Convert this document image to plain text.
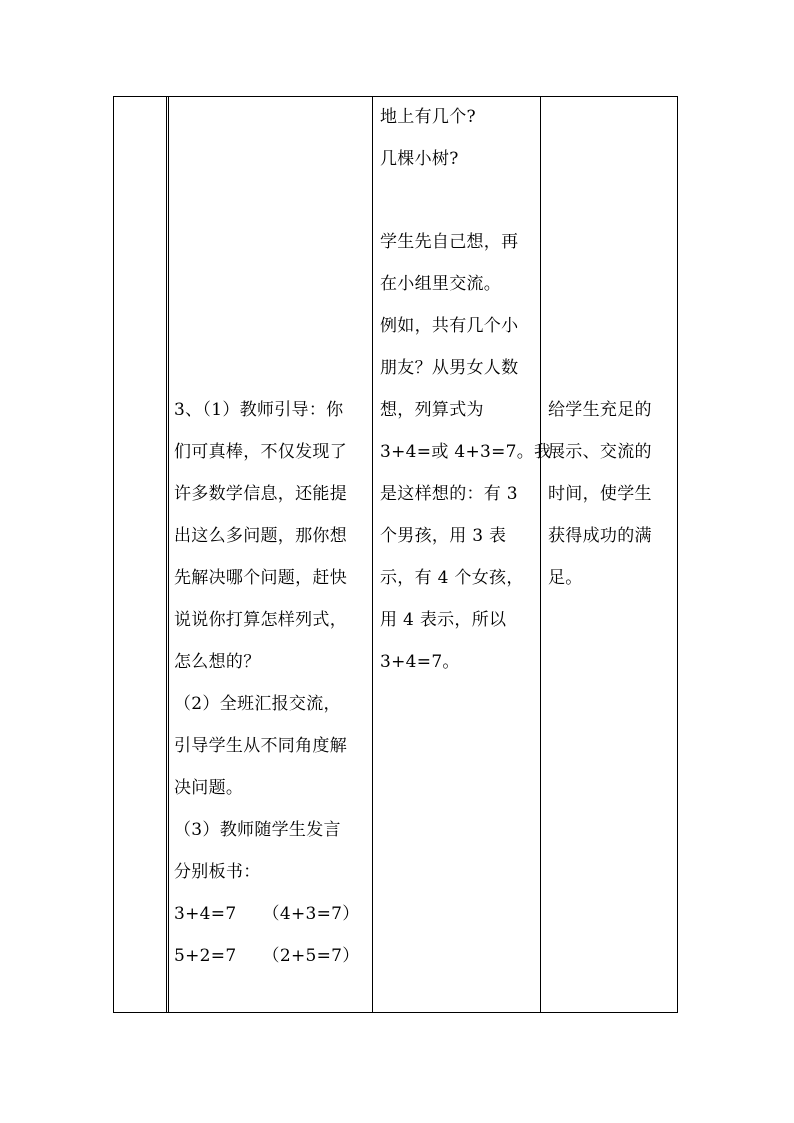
3、（1）教师引导：你
们可真棒，不仅发现了
许多数学信息，还能提
出这么多问题，那你想
先解决哪个问题，赶快
说说你打算怎样列式，
怎么想的？
（2）全班汇报交流，
引导学生从不同角度解
决问题。
（3）教师随学生发言
分别板书：
3+4=7　　（4+3=7）
5+2=7　　（2+5=7）
地上有几个?
几棵小树?
学生先自己想，再
在小组里交流。
例如，共有几个小
朋友？从男女人数
想，列算式为
3+4=或 4+3=7。我
是这样想的：有 3
个男孩，用 3 表
示，有 4 个女孩，
用 4 表示，所以
3+4=7。
给学生充足的
展示、交流的
时间，使学生
获得成功的满
足。
